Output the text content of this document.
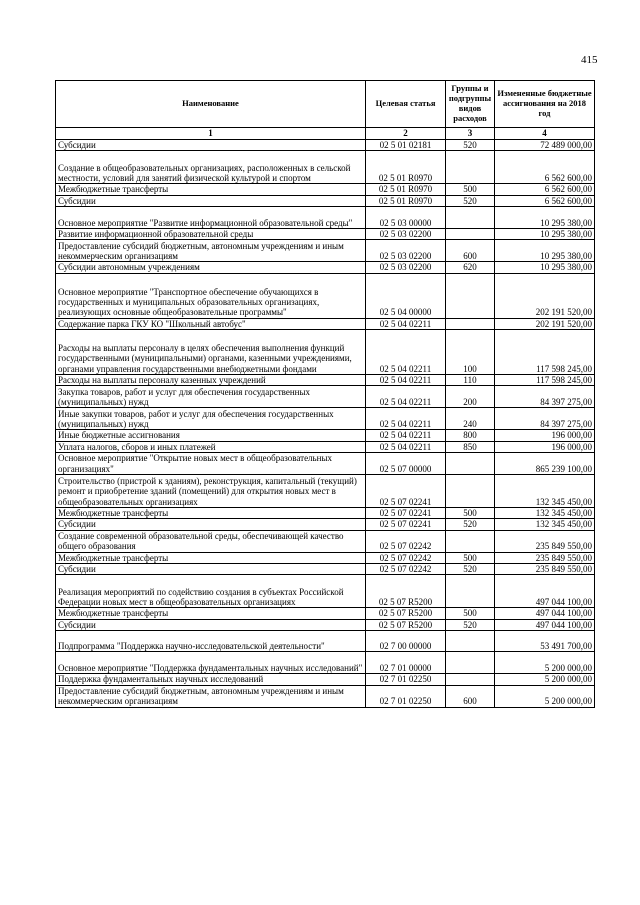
415
Наименование	Целевая статья	Группы и подгруппы видов расходов	Измененные бюджетные ассигнования на 2018 год
1	2	3	4
Субсидии	02 5 01 02181	520	72 489 000,00
Создание в общеобразовательных организациях, расположенных в сельской местности, условий для занятий физической культурой и спортом	02 5 01 R0970		6 562 600,00
Межбюджетные трансферты	02 5 01 R0970	500	6 562 600,00
Субсидии	02 5 01 R0970	520	6 562 600,00
Основное мероприятие "Развитие информационной образовательной среды"	02 5 03 00000		10 295 380,00
Развитие информационной образовательной среды	02 5 03 02200		10 295 380,00
Предоставление субсидий бюджетным, автономным учреждениям и иным некоммерческим организациям	02 5 03 02200	600	10 295 380,00
Субсидии автономным учреждениям	02 5 03 02200	620	10 295 380,00
Основное мероприятие "Транспортное обеспечение обучающихся в государственных и муниципальных образовательных организациях, реализующих основные общеобразовательные программы"	02 5 04 00000		202 191 520,00
Содержание парка ГКУ КО "Школьный автобус"	02 5 04 02211		202 191 520,00
Расходы на выплаты персоналу в целях обеспечения выполнения функций государственными (муниципальными) органами, казенными учреждениями, органами управления государственными внебюджетными фондами	02 5 04 02211	100	117 598 245,00
Расходы на выплаты персоналу казенных учреждений	02 5 04 02211	110	117 598 245,00
Закупка товаров, работ и услуг для обеспечения государственных (муниципальных) нужд	02 5 04 02211	200	84 397 275,00
Иные закупки товаров, работ и услуг для обеспечения государственных (муниципальных) нужд	02 5 04 02211	240	84 397 275,00
Иные бюджетные ассигнования	02 5 04 02211	800	196 000,00
Уплата налогов, сборов и иных платежей	02 5 04 02211	850	196 000,00
Основное мероприятие "Открытие новых мест в общеобразовательных организациях"	02 5 07 00000		865 239 100,00
Строительство (пристрой к зданиям), реконструкция, капитальный (текущий) ремонт и приобретение зданий (помещений) для открытия новых мест в общеобразовательных организациях	02 5 07 02241		132 345 450,00
Межбюджетные трансферты	02 5 07 02241	500	132 345 450,00
Субсидии	02 5 07 02241	520	132 345 450,00
Создание современной образовательной среды, обеспечивающей качество общего образования	02 5 07 02242		235 849 550,00
Межбюджетные трансферты	02 5 07 02242	500	235 849 550,00
Субсидии	02 5 07 02242	520	235 849 550,00
Реализация мероприятий по содействию создания в субъектах Российской Федерации новых мест в общеобразовательных организациях	02 5 07 R5200		497 044 100,00
Межбюджетные трансферты	02 5 07 R5200	500	497 044 100,00
Субсидии	02 5 07 R5200	520	497 044 100,00
Подпрограмма "Поддержка научно-исследовательской деятельности"	02 7 00 00000		53 491 700,00
Основное мероприятие "Поддержка фундаментальных научных исследований"	02 7 01 00000		5 200 000,00
Поддержка фундаментальных научных исследований	02 7 01 02250		5 200 000,00
Предоставление субсидий бюджетным, автономным учреждениям и иным некоммерческим организациям	02 7 01 02250	600	5 200 000,00
